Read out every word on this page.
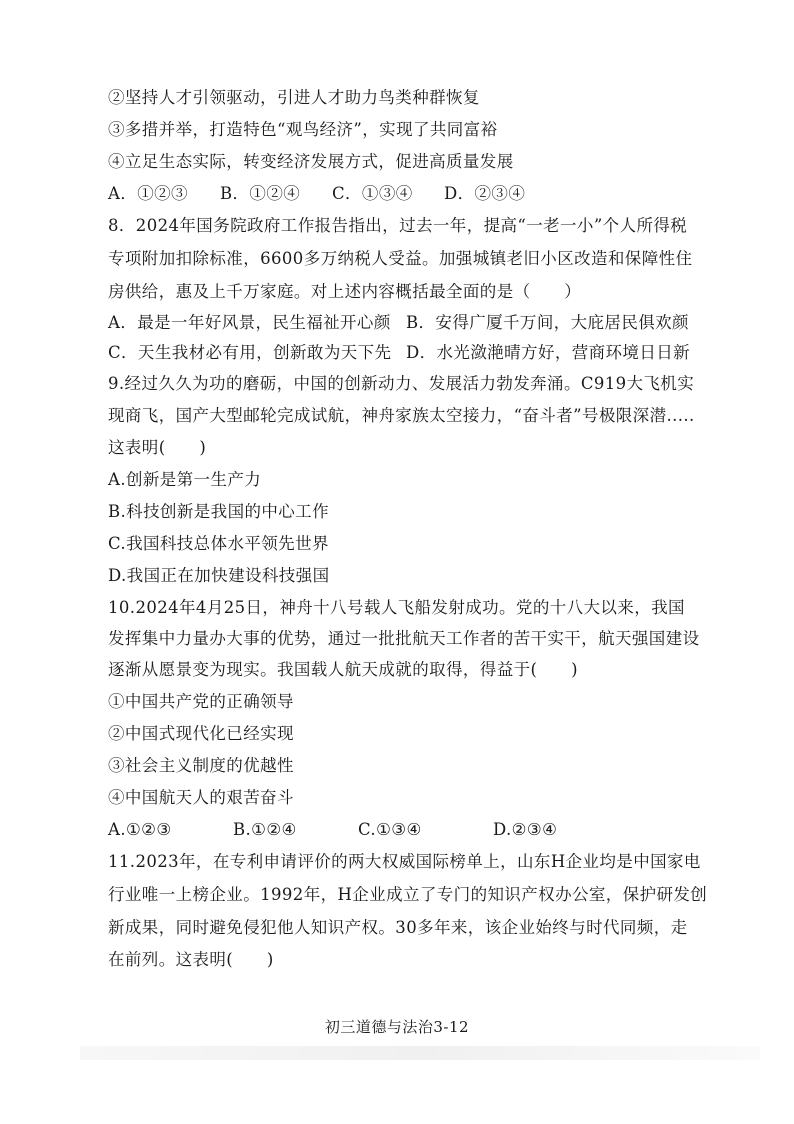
②坚持人才引领驱动，引进人才助力鸟类种群恢复
③多措并举，打造特色“观鸟经济”，实现了共同富裕
④立足生态实际，转变经济发展方式，促进高质量发展
A．①②③ B．①②④ C．①③④ D．②③④
8．2024年国务院政府工作报告指出，过去一年，提高“一老一小”个人所得税
专项附加扣除标准，6600多万纳税人受益。加强城镇老旧小区改造和保障性住
房供给，惠及上千万家庭。对上述内容概括最全面的是（　　）
A．最是一年好风景，民生福祉开心颜 B．安得广厦千万间，大庇居民俱欢颜
C．天生我材必有用，创新敢为天下先 D．水光潋滟晴方好，营商环境日日新
9.经过久久为功的磨砺，中国的创新动力、发展活力勃发奔涌。C919大飞机实
现商飞，国产大型邮轮完成试航，神舟家族太空接力，“奋斗者”号极限深潜.....
这表明(　　)
A.创新是第一生产力
B.科技创新是我国的中心工作
C.我国科技总体水平领先世界
D.我国正在加快建设科技强国
10.2024年4月25日，神舟十八号载人飞船发射成功。党的十八大以来，我国
发挥集中力量办大事的优势，通过一批批航天工作者的苦干实干，航天强国建设
逐渐从愿景变为现实。我国载人航天成就的取得，得益于(　　)
①中国共产党的正确领导
②中国式现代化已经实现
③社会主义制度的优越性
④中国航天人的艰苦奋斗
A.①②③	B.①②④	C.①③④	D.②③④
11.2023年，在专利申请评价的两大权威国际榜单上，山东H企业均是中国家电
行业唯一上榜企业。1992年，H企业成立了专门的知识产权办公室，保护研发创
新成果，同时避免侵犯他人知识产权。30多年来，该企业始终与时代同频，走
在前列。这表明(　　)
初三道德与法治3-12
